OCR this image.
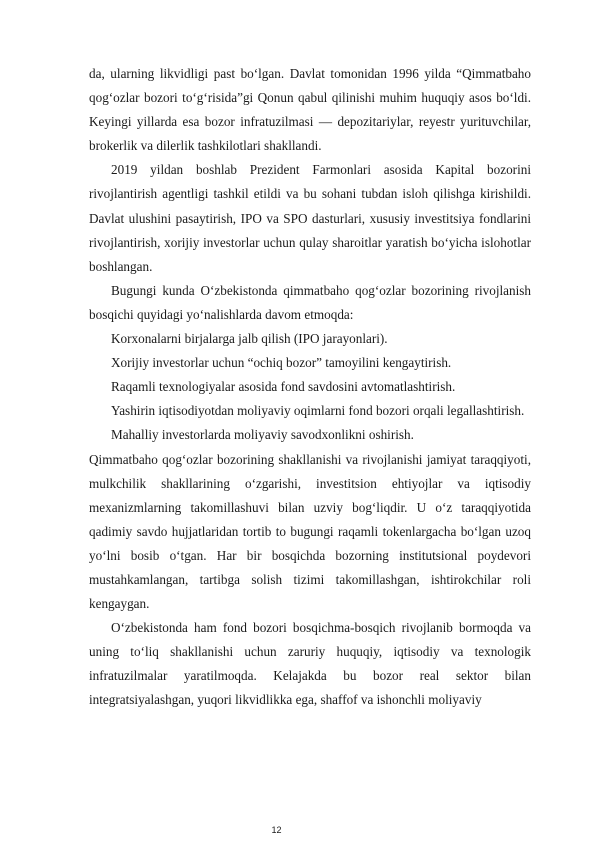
da, ularning likvidligi past bo‘lgan. Davlat tomonidan 1996 yilda “Qimmatbaho qog‘ozlar bozori to‘g‘risida”gi Qonun qabul qilinishi muhim huquqiy asos bo‘ldi. Keyingi yillarda esa bozor infratuzilmasi — depozitariylar, reyestr yurituvchilar, brokerlik va dilerlik tashkilotlari shakllandi.

2019 yildan boshlab Prezident Farmonlari asosida Kapital bozorini rivojlantirish agentligi tashkil etildi va bu sohani tubdan isloh qilishga kirishildi. Davlat ulushini pasaytirish, IPO va SPO dasturlari, xususiy investitsiya fondlarini rivojlantirish, xorijiy investorlar uchun qulay sharoitlar yaratish bo‘yicha islohotlar boshlangan.

Bugungi kunda O‘zbekistonda qimmatbaho qog‘ozlar bozorining rivojlanish bosqichi quyidagi yo‘nalishlarda davom etmoqda:

Korxonalarni birjalarga jalb qilish (IPO jarayonlari).

Xorijiy investorlar uchun “ochiq bozor” tamoyilini kengaytirish.

Raqamli texnologiyalar asosida fond savdosini avtomatlashtirish.

Yashirin iqtisodiyotdan moliyaviy oqimlarni fond bozori orqali legallashtirish.

Mahalliy investorlarda moliyaviy savodxonlikni oshirish.

Qimmatbaho qog‘ozlar bozorining shakllanishi va rivojlanishi jamiyat taraqqiyoti, mulkchilik shakllarining o‘zgarishi, investitsion ehtiyojlar va iqtisodiy mexanizmlarning takomillashuvi bilan uzviy bog‘liqdir. U o‘z taraqqiyotida qadimiy savdo hujjatlaridan tortib to bugungi raqamli tokenlargacha bo‘lgan uzoq yo‘lni bosib o‘tgan. Har bir bosqichda bozorning institutsional poydevori mustahkamlangan, tartibga solish tizimi takomillashgan, ishtirokchilar roli kengaygan.

O‘zbekistonda ham fond bozori bosqichma-bosqich rivojlanib bormoqda va uning to‘liq shakllanishi uchun zaruriy huquqiy, iqtisodiy va texnologik infratuzilmalar yaratilmoqda. Kelajakda bu bozor real sektor bilan integratsiyalashgan, yuqori likvidlikka ega, shaffof va ishonchli moliyaviy

12
